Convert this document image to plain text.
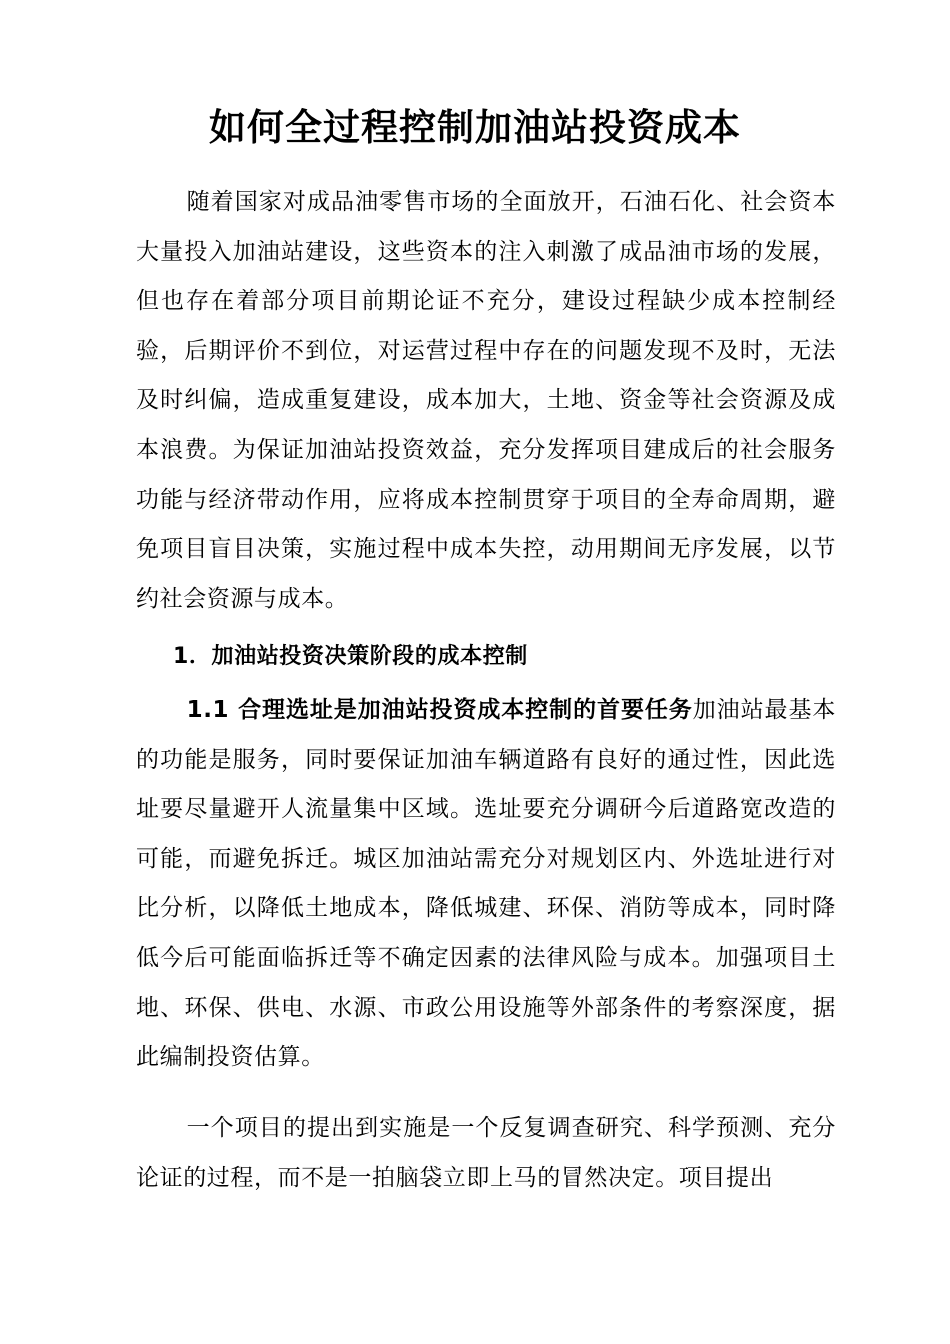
如何全过程控制加油站投资成本

随着国家对成品油零售市场的全面放开，石油石化、社会资本大量投入加油站建设，这些资本的注入刺激了成品油市场的发展，但也存在着部分项目前期论证不充分，建设过程缺少成本控制经验，后期评价不到位，对运营过程中存在的问题发现不及时，无法及时纠偏，造成重复建设，成本加大，土地、资金等社会资源及成本浪费。为保证加油站投资效益，充分发挥项目建成后的社会服务功能与经济带动作用，应将成本控制贯穿于项目的全寿命周期，避免项目盲目决策，实施过程中成本失控，动用期间无序发展，以节约社会资源与成本。

1．加油站投资决策阶段的成本控制

1.1 合理选址是加油站投资成本控制的首要任务加油站最基本的功能是服务，同时要保证加油车辆道路有良好的通过性，因此选址要尽量避开人流量集中区域。选址要充分调研今后道路宽改造的可能，而避免拆迁。城区加油站需充分对规划区内、外选址进行对比分析，以降低土地成本，降低城建、环保、消防等成本，同时降低今后可能面临拆迁等不确定因素的法律风险与成本。加强项目土地、环保、供电、水源、市政公用设施等外部条件的考察深度，据此编制投资估算。

一个项目的提出到实施是一个反复调查研究、科学预测、充分论证的过程，而不是一拍脑袋立即上马的冒然决定。项目提出
